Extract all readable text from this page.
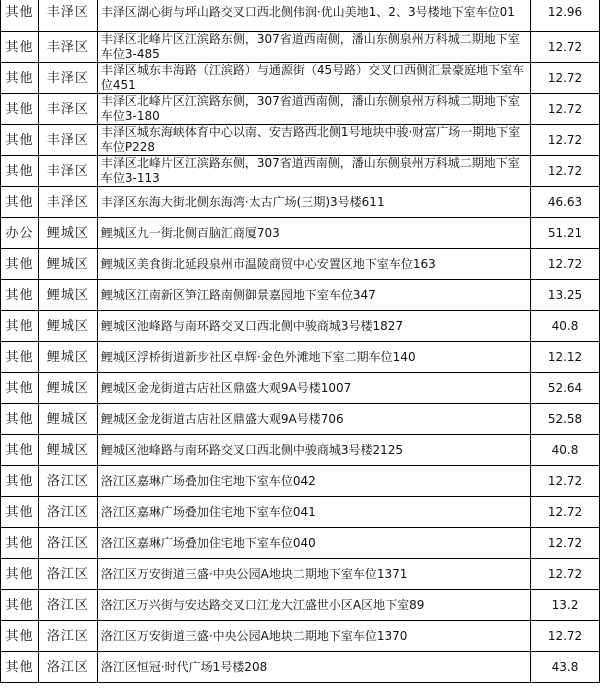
其他	丰泽区	丰泽区湖心街与坪山路交叉口西北侧伟润·优山美地1、2、3号楼地下室车位01	12.96
其他	丰泽区	丰泽区北峰片区江滨路东侧，307省道西南侧，潘山东侧泉州万科城二期地下室车位3-485	12.72
其他	丰泽区	丰泽区城东丰海路（江滨路）与通源街（45号路）交叉口西侧汇景豪庭地下室车位451	12.72
其他	丰泽区	丰泽区北峰片区江滨路东侧，307省道西南侧，潘山东侧泉州万科城二期地下室车位3-180	12.72
其他	丰泽区	丰泽区城东海峡体育中心以南、安吉路西北侧1号地块中骏·财富广场一期地下室车位P228	12.72
其他	丰泽区	丰泽区北峰片区江滨路东侧，307省道西南侧，潘山东侧泉州万科城二期地下室车位3-113	12.72
其他	丰泽区	丰泽区东海大街北侧东海湾·太古广场(三期)3号楼611	46.63
办公	鲤城区	鲤城区九一街北侧百脑汇商厦703	51.21
其他	鲤城区	鲤城区美食街北延段泉州市温陵商贸中心安置区地下室车位163	12.72
其他	鲤城区	鲤城区江南新区笋江路南侧御景嘉园地下室车位347	13.25
其他	鲤城区	鲤城区池峰路与南环路交叉口西北侧中骏商城3号楼1827	40.8
其他	鲤城区	鲤城区浮桥街道新步社区卓辉·金色外滩地下室二期车位140	12.12
其他	鲤城区	鲤城区金龙街道古店社区鼎盛大观9A号楼1007	52.64
其他	鲤城区	鲤城区金龙街道古店社区鼎盛大观9A号楼706	52.58
其他	鲤城区	鲤城区池峰路与南环路交叉口西北侧中骏商城3号楼2125	40.8
其他	洛江区	洛江区嘉琳广场叠加住宅地下室车位042	12.72
其他	洛江区	洛江区嘉琳广场叠加住宅地下室车位041	12.72
其他	洛江区	洛江区嘉琳广场叠加住宅地下室车位040	12.72
其他	洛江区	洛江区万安街道三盛·中央公园A地块二期地下室车位1371	12.72
其他	洛江区	洛江区万兴街与安达路交叉口江龙大江盛世小区A区地下室89	13.2
其他	洛江区	洛江区万安街道三盛·中央公园A地块二期地下室车位1370	12.72
其他	洛江区	洛江区恒冠·时代广场1号楼208	43.8
